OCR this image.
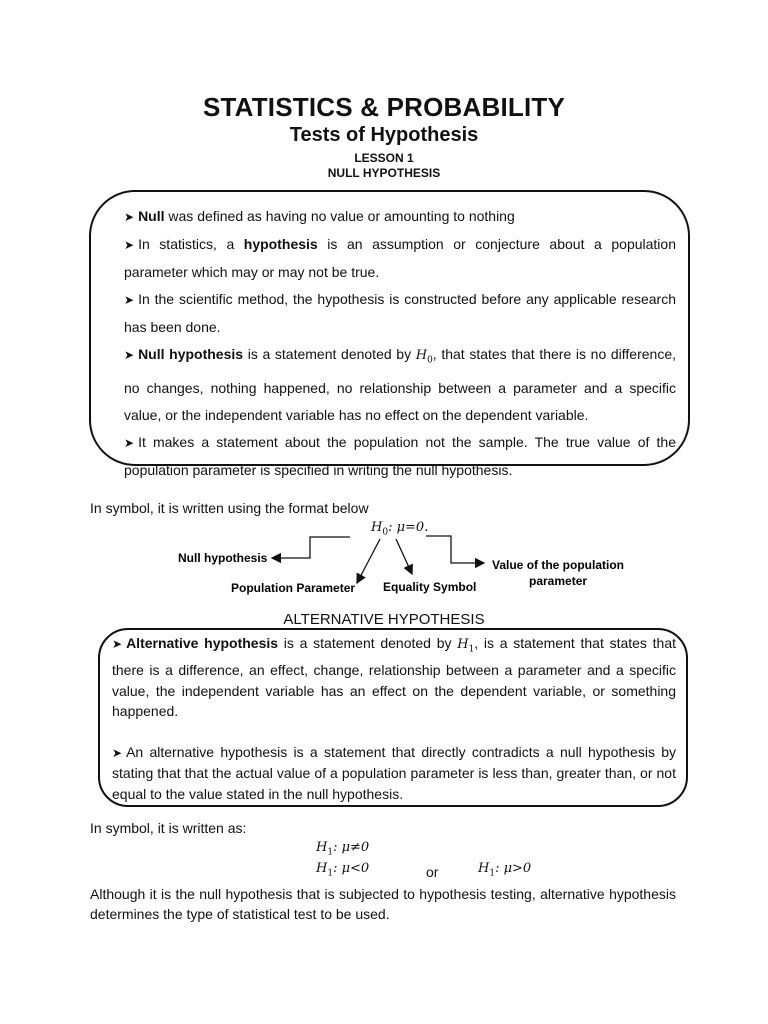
STATISTICS & PROBABILITY
Tests of Hypothesis
LESSON 1
NULL HYPOTHESIS

➤ Null was defined as having no value or amounting to nothing

➤ In statistics, a hypothesis is an assumption or conjecture about a population parameter which may or may not be true.

➤ In the scientific method, the hypothesis is constructed before any applicable research has been done.

➤ Null hypothesis is a statement denoted by $H_0$, that states that there is no difference, no changes, nothing happened, no relationship between a parameter and a specific value, or the independent variable has no effect on the dependent variable.

➤ It makes a statement about the population not the sample. The true value of the population parameter is specified in writing the null hypothesis.

In symbol, it is written using the format below
$H_0$: μ=0.
Null hypothesis
Population Parameter Equality Symbol
Value of the population
parameter
ALTERNATIVE HYPOTHESIS

➤ Alternative hypothesis is a statement denoted by $H_1$, is a statement that states that there is a difference, an effect, change, relationship between a parameter and a specific value, the independent variable has an effect on the dependent variable, or something happened.

➤ An alternative hypothesis is a statement that directly contradicts a null hypothesis by stating that that the actual value of a population parameter is less than, greater than, or not equal to the value stated in the null hypothesis.

In symbol, it is written as:
$H_1$: μ≠0
$H_1$: μ<0	or	$H_1$: μ>0
Although it is the null hypothesis that is subjected to hypothesis testing, alternative hypothesis determines the type of statistical test to be used.
